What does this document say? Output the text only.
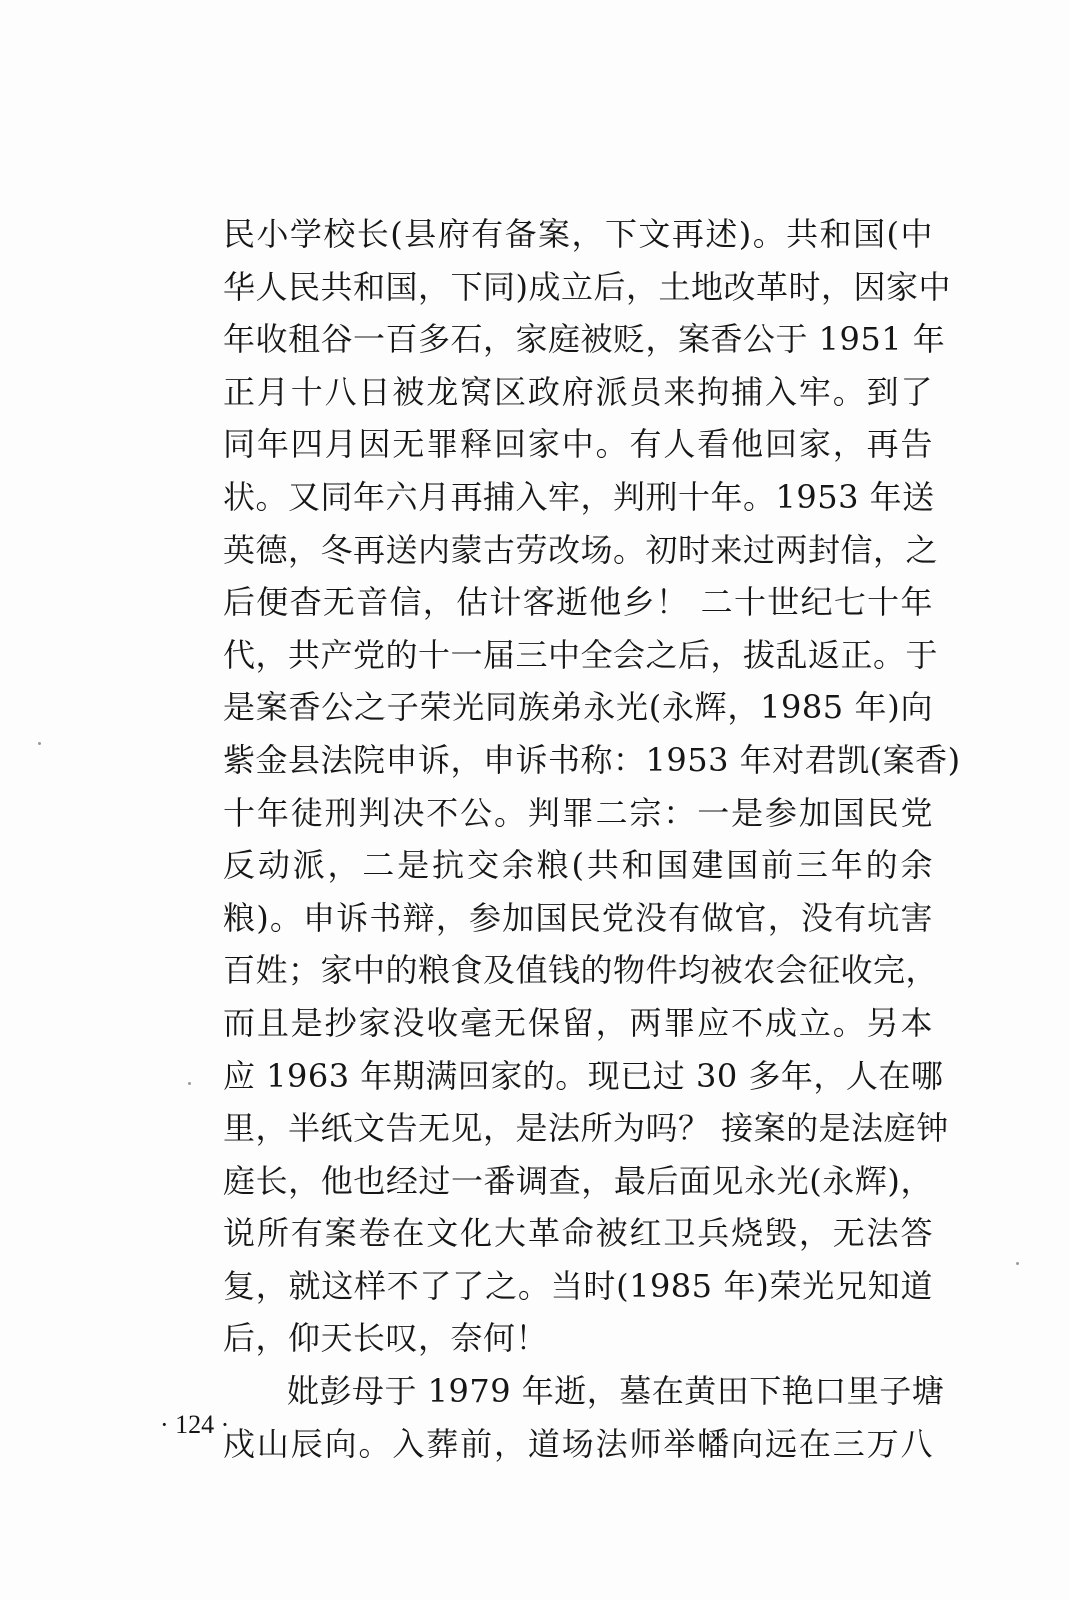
民小学校长(县府有备案，下文再述)。共和国(中
华人民共和国，下同)成立后，土地改革时，因家中
年收租谷一百多石，家庭被贬，案香公于 1951 年
正月十八日被龙窝区政府派员来拘捕入牢。到了
同年四月因无罪释回家中。有人看他回家，再告
状。又同年六月再捕入牢，判刑十年。1953 年送
英德，冬再送内蒙古劳改场。初时来过两封信，之
后便杳无音信，估计客逝他乡！ 二十世纪七十年
代，共产党的十一届三中全会之后，拔乱返正。于
是案香公之子荣光同族弟永光(永辉，1985 年)向
紫金县法院申诉，申诉书称：1953 年对君凯(案香)
十年徒刑判决不公。判罪二宗：一是参加国民党
反动派，二是抗交余粮(共和国建国前三年的余
粮)。申诉书辩，参加国民党没有做官，没有坑害
百姓；家中的粮食及值钱的物件均被农会征收完，
而且是抄家没收毫无保留，两罪应不成立。另本
应 1963 年期满回家的。现已过 30 多年，人在哪
里，半纸文告无见，是法所为吗？ 接案的是法庭钟
庭长，他也经过一番调查，最后面见永光(永辉)，
说所有案卷在文化大革命被红卫兵烧毁，无法答
复，就这样不了了之。当时(1985 年)荣光兄知道
后，仰天长叹，奈何！
妣彭母于 1979 年逝，墓在黄田下艳口里子塘
戍山辰向。入葬前，道场法师举幡向远在三万八
· 124 ·
